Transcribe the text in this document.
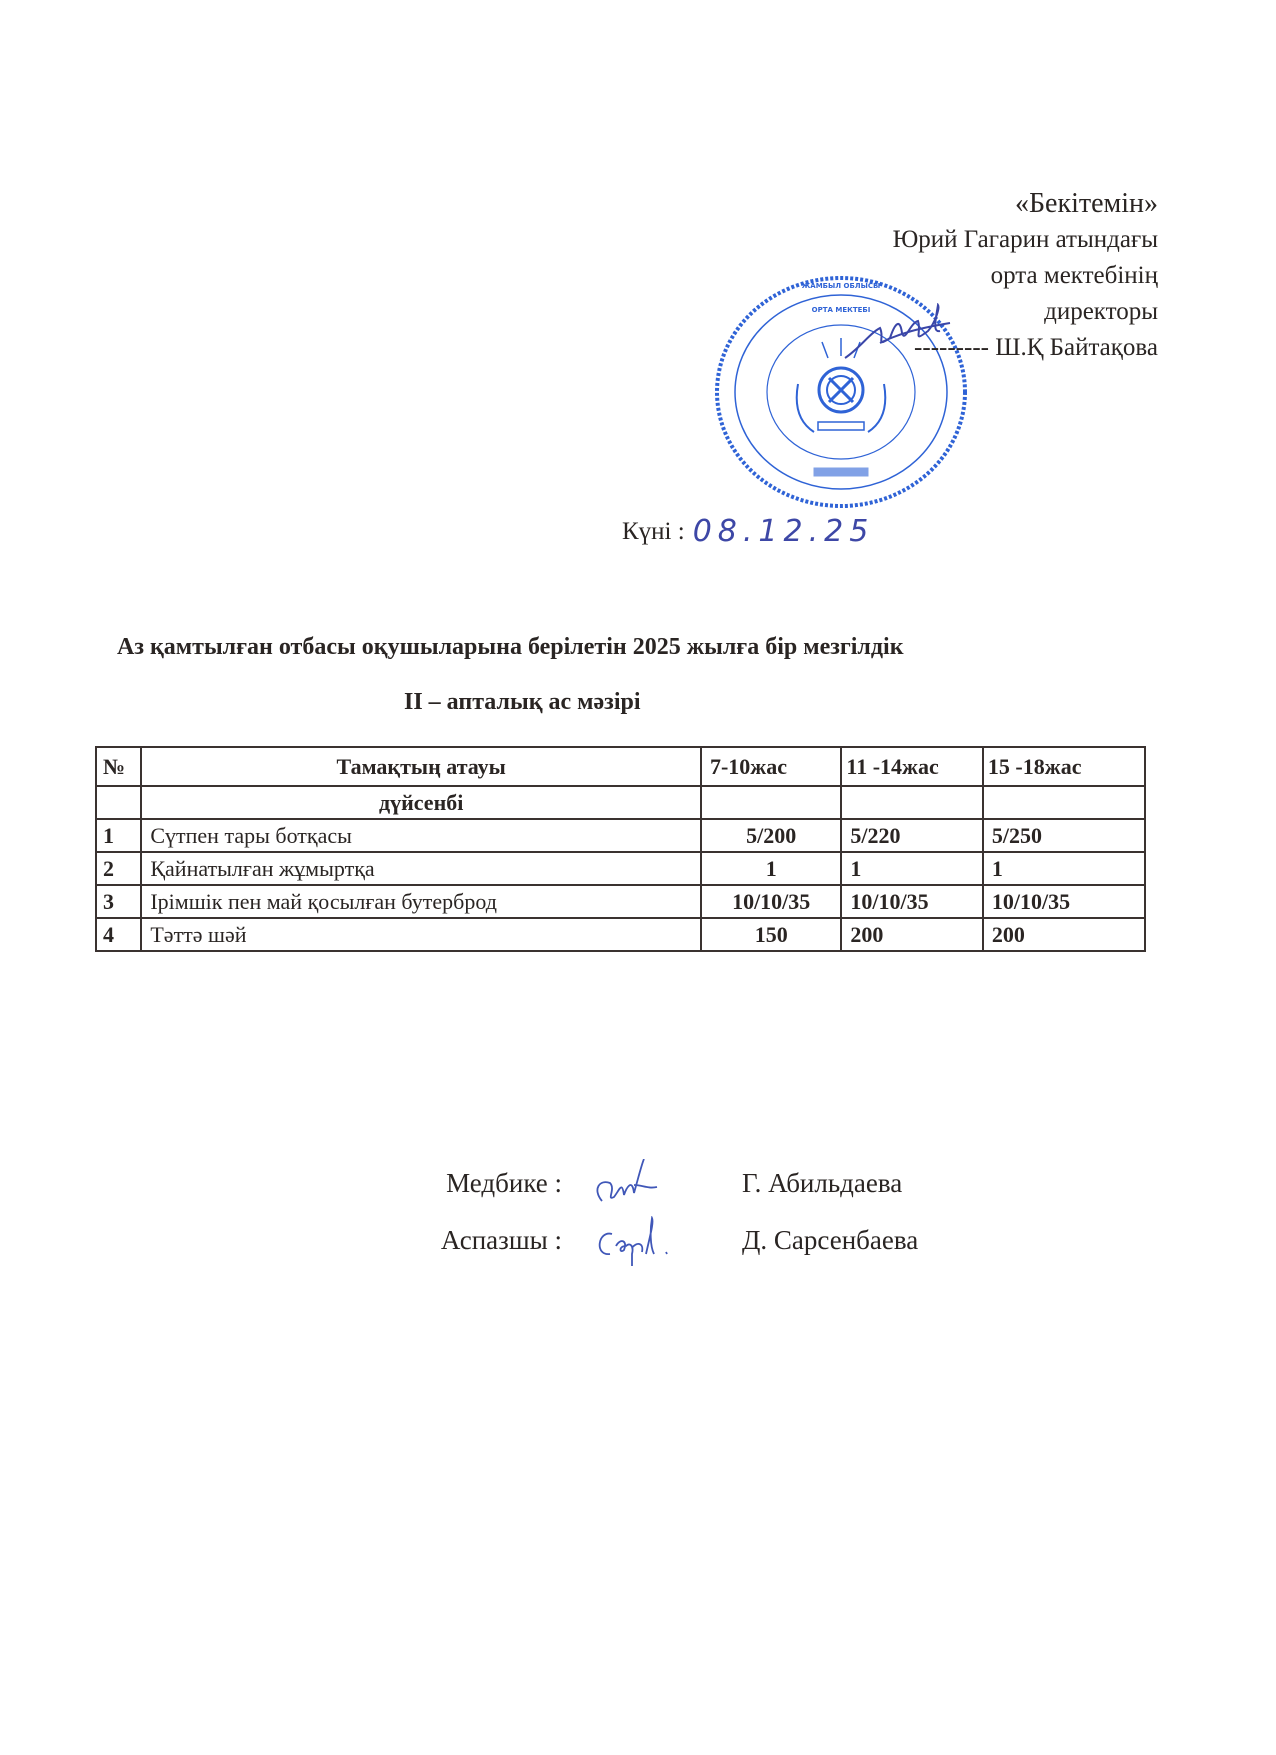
«Бекітемін»
Юрий Гагарин атындағы
орта мектебінің
директоры
--------- Ш.Қ Байтақова
ЖАМБЫЛ ОБЛЫСЫ
ОРТА МЕКТЕБІ
Күні : 08.12.25
Аз қамтылған отбасы оқушыларына берілетін 2025 жылға бір мезгілдік
II – апталық ас мәзірі
№	Тамақтың атауы	7-10жас	11 -14жас	15 -18жас
	дүйсенбі			
1	Сүтпен тары ботқасы	5/200	5/220	5/250
2	Қайнатылған жұмыртқа	1	1	1
3	Ірімшік пен май қосылған бутерброд	10/10/35	10/10/35	10/10/35
4	Тәттә шәй	150	200	200
Медбике :	Г. Абильдаева
Аспазшы :	Д. Сарсенбаева
